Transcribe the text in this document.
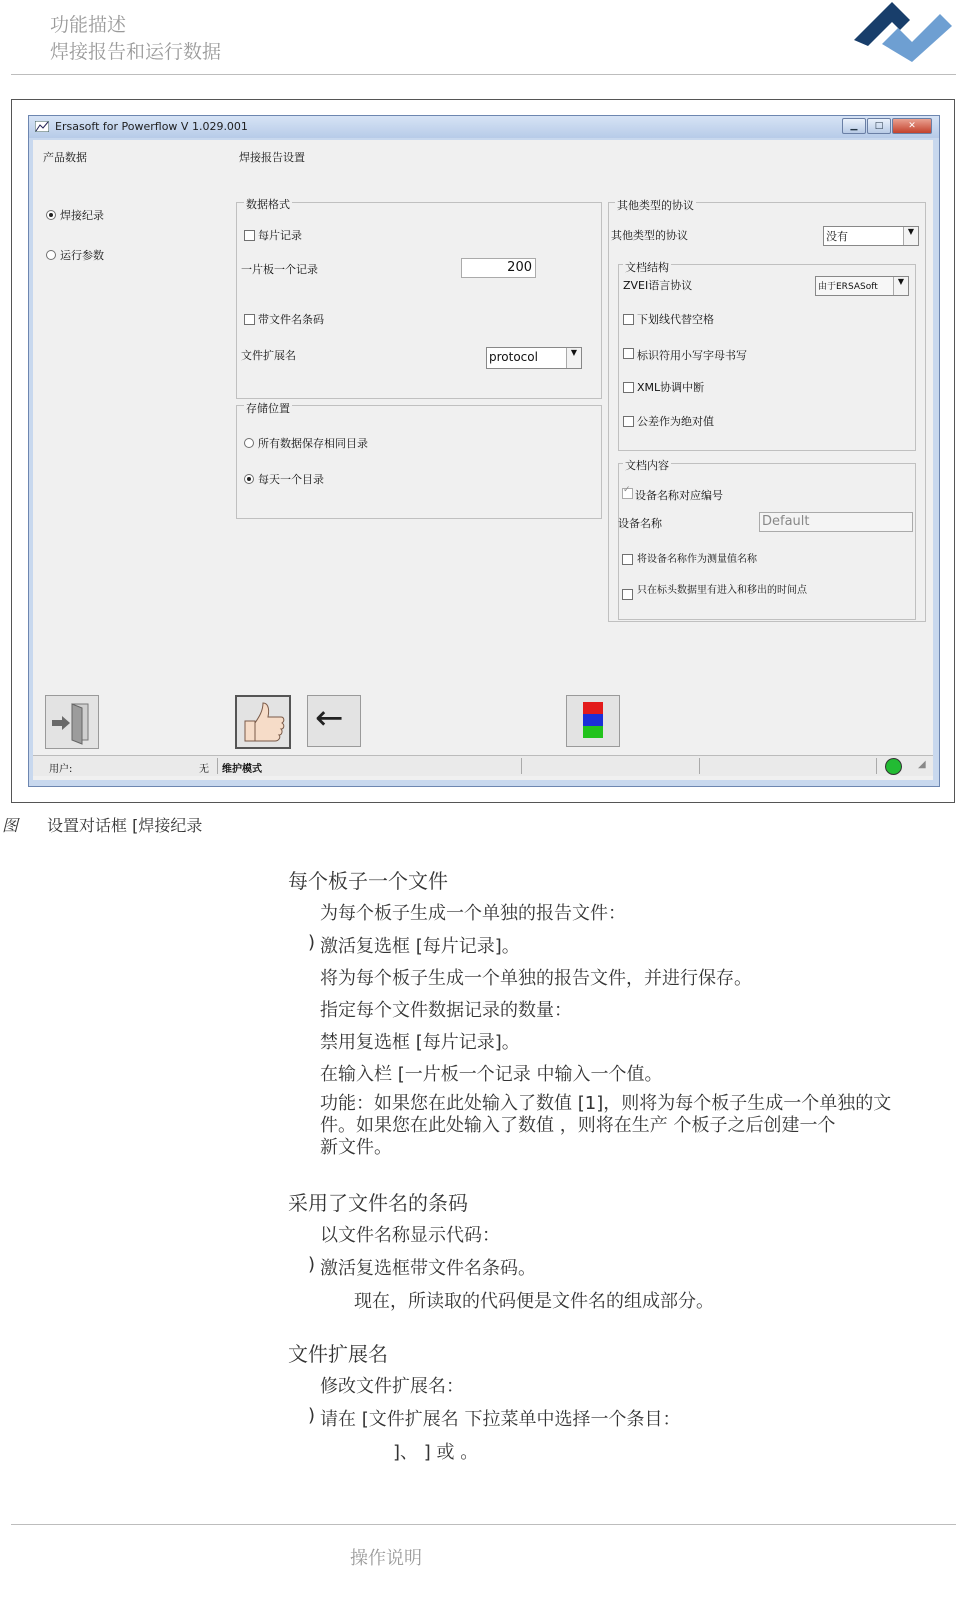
功能描述
焊接报告和运行数据
Ersasoft for Powerflow V 1.029.001	▁	□	✕
产品数据
焊接纪录
运行参数
焊接报告设置
数据格式
每片记录
一片板一个记录	200
带文件名条码
文件扩展名	protocol	▼
存储位置
所有数据保存相同目录
每天一个目录
其他类型的协议
其他类型的协议	没有	▼
文档结构
ZVEI语言协议	由于ERSASoft
▼
下划线代替空格
标识符用小写字母书写
XML协调中断
公差作为绝对值
文档内容
✓ 设备名称对应编号
设备名称	Default
将设备名称作为测量值名称
只在标头数据里有进入和移出的时间点
←
用户:	无 维护模式	◢
图 设置对话框 [焊接纪录
每个板子一个文件
为每个板子生成一个单独的报告文件：
) 激活复选框 [每片记录]。
将为每个板子生成一个单独的报告文件，并进行保存。
指定每个文件数据记录的数量：
禁用复选框 [每片记录]。
在输入栏 [一片板一个记录 中输入一个值。
功能：如果您在此处输入了数值 [1]，则将为每个板子生成一个单独的文
件。如果您在此处输入了数值 ，则将在生产 个板子之后创建一个
新文件。
采用了文件名的条码
以文件名称显示代码：
) 激活复选框带文件名条码。
现在，所读取的代码便是文件名的组成部分。
文件扩展名
修改文件扩展名：
) 请在 [文件扩展名 下拉菜单中选择一个条目：
]、 ] 或 。
操作说明
